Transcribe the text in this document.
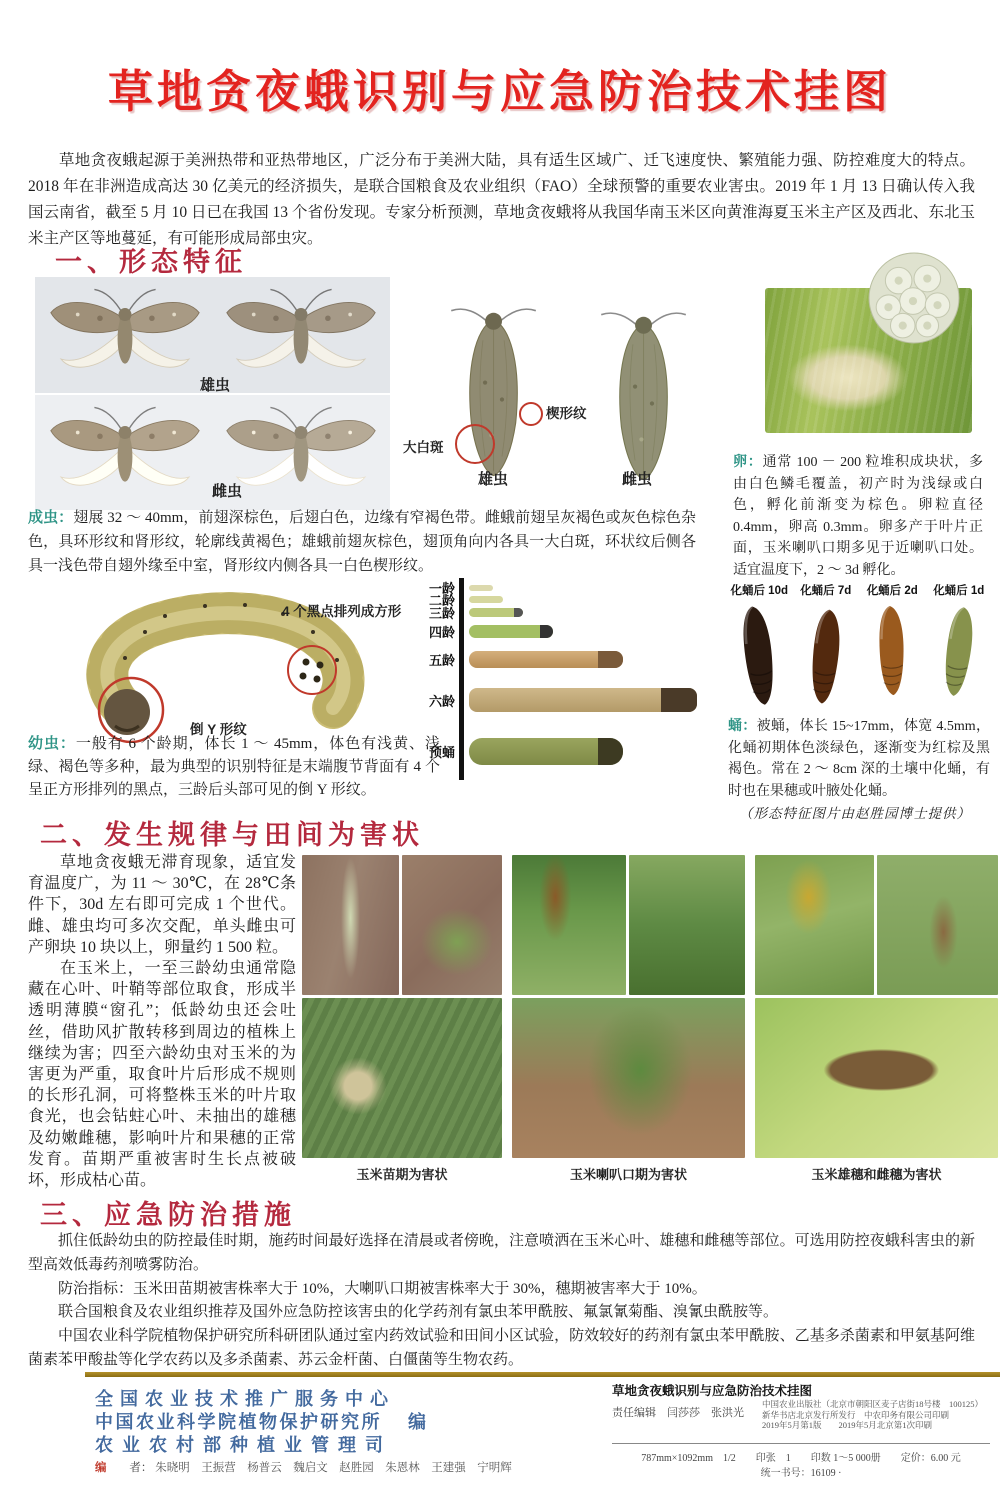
草地贪夜蛾识别与应急防治技术挂图
草地贪夜蛾起源于美洲热带和亚热带地区，广泛分布于美洲大陆，具有适生区域广、迁飞速度快、繁殖能力强、防控难度大的特点。2018 年在非洲造成高达 30 亿美元的经济损失，是联合国粮食及农业组织（FAO）全球预警的重要农业害虫。2019 年 1 月 13 日确认传入我国云南省，截至 5 月 10 日已在我国 13 个省份发现。专家分析预测，草地贪夜蛾将从我国华南玉米区向黄淮海夏玉米主产区及西北、东北玉米主产区等地蔓延，有可能形成局部虫灾。
一、形态特征
雄虫
雌虫
大白斑
楔形纹
雄虫	雌虫
成虫：翅展 32 ～ 40mm，前翅深棕色，后翅白色，边缘有窄褐色带。雌蛾前翅呈灰褐色或灰色棕色杂色，具环形纹和肾形纹，轮廓线黄褐色；雄蛾前翅灰棕色，翅顶角向内各具一大白斑，环状纹后侧各具一浅色带自翅外缘至中室，肾形纹内侧各具一白色楔形纹。
卵：通常 100 － 200 粒堆积成块状，多由白色鳞毛覆盖，初产时为浅绿或白色，孵化前渐变为棕色。卵粒直径 0.4mm，卵高 0.3mm。卵多产于叶片正面，玉米喇叭口期多见于近喇叭口处。适宜温度下，2 ～ 3d 孵化。
4 个黑点排列成方形
倒 Y 形纹
幼虫：一般有 6 个龄期，体长 1 ～ 45mm，体色有浅黄、浅绿、褐色等多种，最为典型的识别特征是末端腹节背面有 4 个呈正方形排列的黑点，三龄后头部可见的倒 Y 形纹。
一龄
二龄
三龄
四龄
五龄
六龄
预蛹
化蛹后 10d 化蛹后 7d 化蛹后 2d 化蛹后 1d
蛹：被蛹，体长 15~17mm，体宽 4.5mm，化蛹初期体色淡绿色，逐渐变为红棕及黑褐色。常在 2 ～ 8cm 深的土壤中化蛹，有时也在果穗或叶腋处化蛹。
（形态特征图片由赵胜园博士提供）
二、发生规律与田间为害状

草地贪夜蛾无滞育现象，适宜发育温度广，为 11 ～ 30℃，在 28℃条件下，30d 左右即可完成 1 个世代。雌、雄虫均可多次交配，单头雌虫可产卵块 10 块以上，卵量约 1 500 粒。

在玉米上，一至三龄幼虫通常隐藏在心叶、叶鞘等部位取食，形成半透明薄膜“窗孔”；低龄幼虫还会吐丝，借助风扩散转移到周边的植株上继续为害；四至六龄幼虫对玉米的为害更为严重，取食叶片后形成不规则的长形孔洞，可将整株玉米的叶片取食光，也会钻蛀心叶、未抽出的雄穗及幼嫩雌穗，影响叶片和果穗的正常发育。苗期严重被害时生长点被破坏，形成枯心苗。	玉米苗期为害状	玉米喇叭口期为害状	玉米雄穗和雌穗为害状
三、应急防治措施

抓住低龄幼虫的防控最佳时期，施药时间最好选择在清晨或者傍晚，注意喷洒在玉米心叶、雄穗和雌穗等部位。可选用防控夜蛾科害虫的新型高效低毒药剂喷雾防治。

防治指标：玉米田苗期被害株率大于 10%，大喇叭口期被害株率大于 30%，穗期被害率大于 10%。

联合国粮食及农业组织推荐及国外应急防控该害虫的化学药剂有氯虫苯甲酰胺、氟氯氰菊酯、溴氰虫酰胺等。

中国农业科学院植物保护研究所科研团队通过室内药效试验和田间小区试验，防效较好的药剂有氯虫苯甲酰胺、乙基多杀菌素和甲氨基阿维菌素苯甲酸盐等化学农药以及多杀菌素、苏云金杆菌、白僵菌等生物农药。

全国农业技术推广服务中心
中国农业科学院植物保护研究所 编
农业农村部种植业管理司
编 者： 朱晓明　王振营　杨普云　魏启文　赵胜园　朱恩林　王建强　宁明辉
草地贪夜蛾识别与应急防治技术挂图
责任编辑　闫莎莎　张洪光
中国农业出版社（北京市朝阳区麦子店街18号楼　100125）
新华书店北京发行所发行　中农印务有限公司印刷
2019年5月第1版　　2019年5月北京第1次印刷
787mm×1092mm　1/2　　印张　1　　印数 1～5 000册　　定价：6.00 元
统一书号：16109 ·
